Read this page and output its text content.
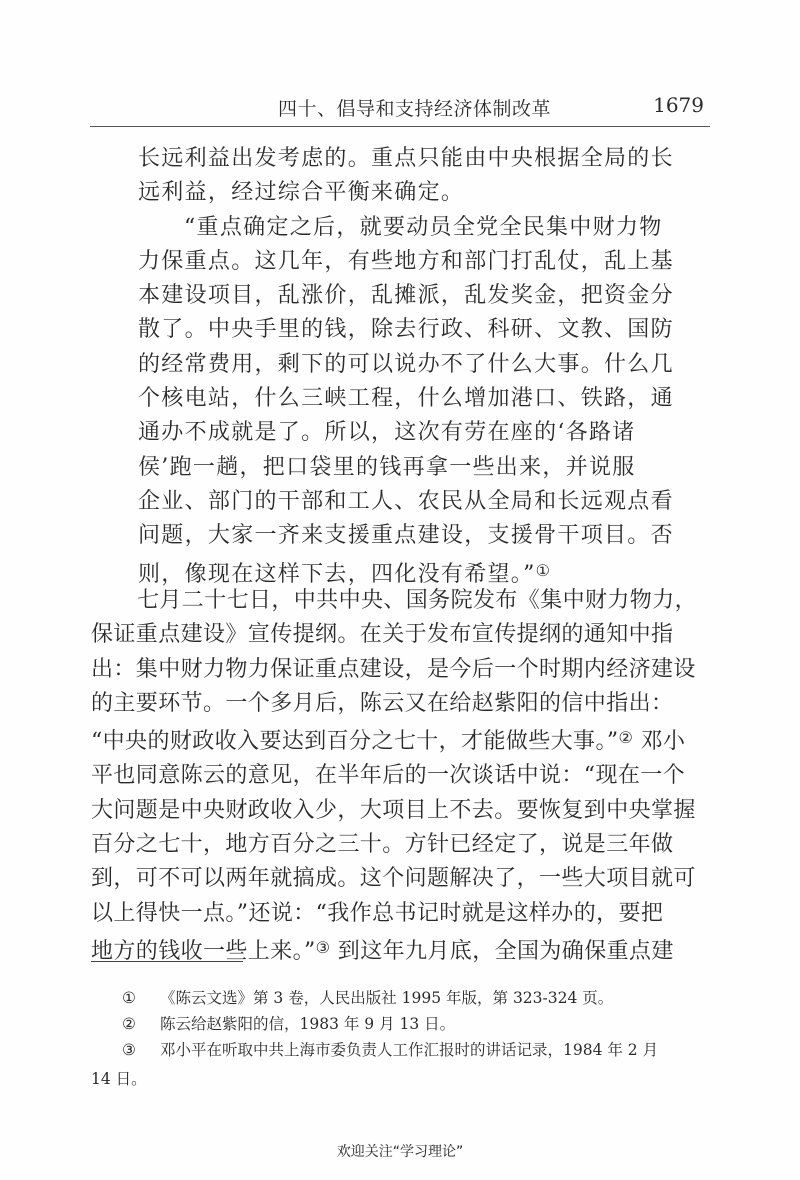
四十、倡导和支持经济体制改革	1679
长远利益出发考虑的。重点只能由中央根据全局的长
远利益，经过综合平衡来确定。
“重点确定之后，就要动员全党全民集中财力物
力保重点。这几年，有些地方和部门打乱仗，乱上基
本建设项目，乱涨价，乱摊派，乱发奖金，把资金分
散了。中央手里的钱，除去行政、科研、文教、国防
的经常费用，剩下的可以说办不了什么大事。什么几
个核电站，什么三峡工程，什么增加港口、铁路，通
通办不成就是了。所以，这次有劳在座的‘各路诸
侯’跑一趟，把口袋里的钱再拿一些出来，并说服
企业、部门的干部和工人、农民从全局和长远观点看
问题，大家一齐来支援重点建设，支援骨干项目。否
则，像现在这样下去，四化没有希望。”①
七月二十七日，中共中央、国务院发布《集中财力物力，
保证重点建设》宣传提纲。在关于发布宣传提纲的通知中指
出：集中财力物力保证重点建设，是今后一个时期内经济建设
的主要环节。一个多月后，陈云又在给赵紫阳的信中指出：
“中央的财政收入要达到百分之七十，才能做些大事。”② 邓小
平也同意陈云的意见，在半年后的一次谈话中说：“现在一个
大问题是中央财政收入少，大项目上不去。要恢复到中央掌握
百分之七十，地方百分之三十。方针已经定了，说是三年做
到，可不可以两年就搞成。这个问题解决了，一些大项目就可
以上得快一点。”还说：“我作总书记时就是这样办的，要把
地方的钱收一些上来。”③ 到这年九月底，全国为确保重点建
① 《陈云文选》第 3 卷，人民出版社 1995 年版，第 323-324 页。
② 陈云给赵紫阳的信，1983 年 9 月 13 日。
③ 邓小平在听取中共上海市委负责人工作汇报时的讲话记录，1984 年 2 月
14 日。
欢迎关注“学习理论”
